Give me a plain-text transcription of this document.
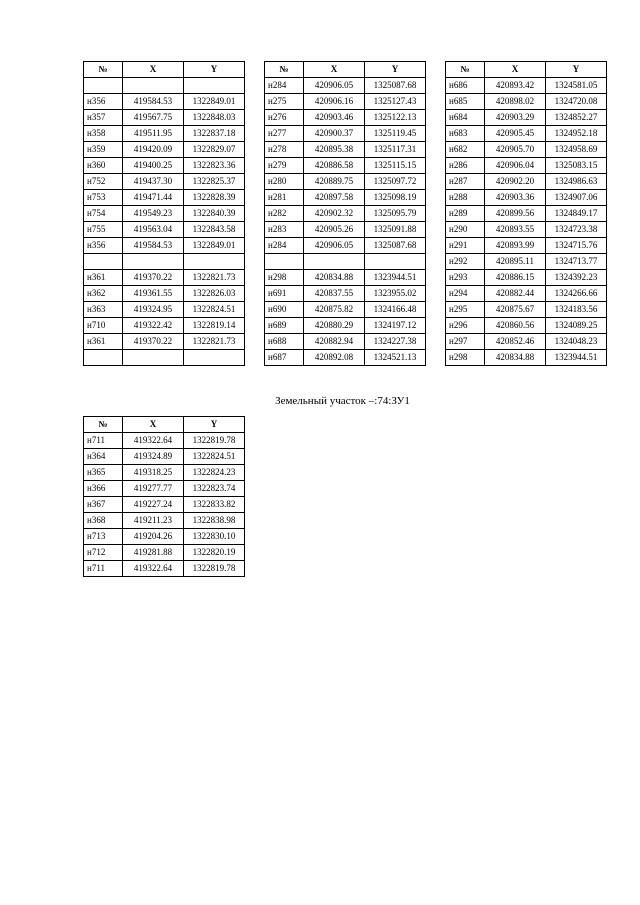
№	X	Y

н356	419584.53	1322849.01
н357	419567.75	1322848.03
н358	419511.95	1322837.18
н359	419420.09	1322829.07
н360	419400.25	1322823.36
н752	419437.30	1322825.37
н753	419471.44	1322828.39
н754	419549.23	1322840.39
н755	419563.04	1322843.58
н356	419584.53	1322849.01

н361	419370.22	1322821.73
н362	419361.55	1322826.03
н363	419324.95	1322824.51
н710	419322.42	1322819.14
н361	419370.22	1322821.73

№	X	Y
н284	420906.05	1325087.68
н275	420906.16	1325127.43
н276	420903.46	1325122.13
н277	420900.37	1325119.45
н278	420895.38	1325117.31
н279	420886.58	1325115.15
н280	420889.75	1325097.72
н281	420897.58	1325098.19
н282	420902.32	1325095.79
н283	420905.26	1325091.88
н284	420906.05	1325087.68

н298	420834.88	1323944.51
н691	420837.55	1323955.02
н690	420875.82	1324166.48
н689	420880.29	1324197.12
н688	420882.94	1324227.38
н687	420892.08	1324521.13
№	X	Y
н686	420893.42	1324581.05
н685	420898.02	1324720.08
н684	420903.29	1324852.27
н683	420905.45	1324952.18
н682	420905.70	1324958.69
н286	420906.04	1325083.15
н287	420902.20	1324986.63
н288	420903.36	1324907.06
н289	420899.56	1324849.17
н290	420893.55	1324723.38
н291	420893.99	1324715.76
н292	420895.11	1324713.77
н293	420886.15	1324392.23
н294	420882.44	1324266.66
н295	420875.67	1324183.56
н296	420860.56	1324089.25
н297	420852.46	1324048.23
н298	420834.88	1323944.51
Земельный участок –:74:ЗУ1
№	X	Y
н711	419322.64	1322819.78
н364	419324.89	1322824.51
н365	419318.25	1322824.23
н366	419277.77	1322823.74
н367	419227.24	1322833.82
н368	419211.23	1322838.98
н713	419204.26	1322830.10
н712	419281.88	1322820.19
н711	419322.64	1322819.78
